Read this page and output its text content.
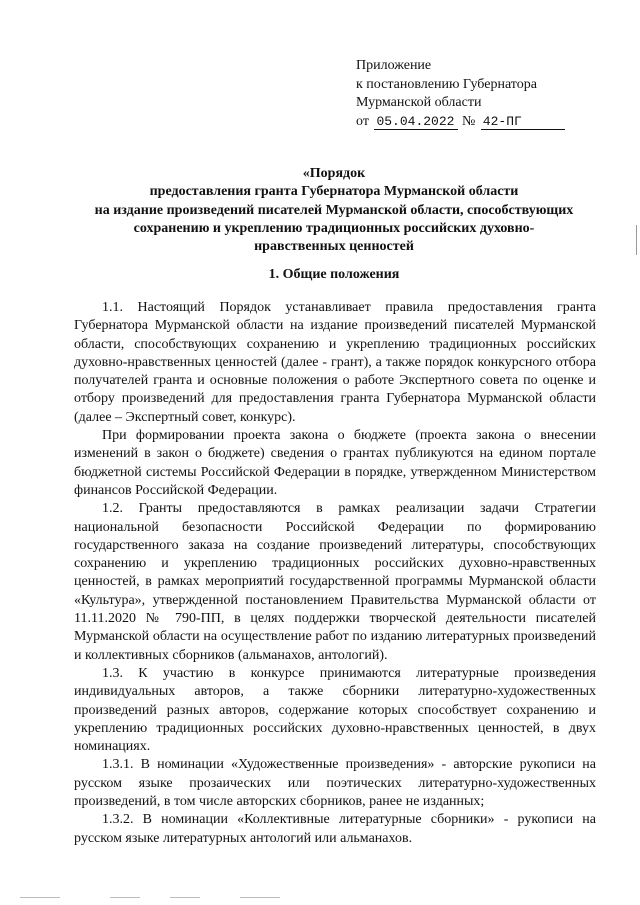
Приложение
к постановлению Губернатора
Мурманской области
от 05.04.2022 № 42-ПГ
«Порядок
предоставления гранта Губернатора Мурманской области
на издание произведений писателей Мурманской области, способствующих
сохранению и укреплению традиционных российских духовно-
нравственных ценностей
1. Общие положения

1.1. Настоящий Порядок устанавливает правила предоставления гранта Губернатора Мурманской области на издание произведений писателей Мурманской области, способствующих сохранению и укреплению традиционных российских духовно-нравственных ценностей (далее - грант), а также порядок конкурсного отбора получателей гранта и основные положения о работе Экспертного совета по оценке и отбору произведений для предоставления гранта Губернатора Мурманской области (далее – Экспертный совет, конкурс).

При формировании проекта закона о бюджете (проекта закона о внесении изменений в закон о бюджете) сведения о грантах публикуются на едином портале бюджетной системы Российской Федерации в порядке, утвержденном Министерством финансов Российской Федерации.

1.2. Гранты предоставляются в рамках реализации задачи Стратегии национальной безопасности Российской Федерации по формированию государственного заказа на создание произведений литературы, способствующих сохранению и укреплению традиционных российских духовно-нравственных ценностей, в рамках мероприятий государственной программы Мурманской области «Культура», утвержденной постановлением Правительства Мурманской области от 11.11.2020 № 790-ПП, в целях поддержки творческой деятельности писателей Мурманской области на осуществление работ по изданию литературных произведений и коллективных сборников (альманахов, антологий).

1.3. К участию в конкурсе принимаются литературные произведения индивидуальных авторов, а также сборники литературно-художественных произведений разных авторов, содержание которых способствует сохранению и укреплению традиционных российских духовно-нравственных ценностей, в двух номинациях.

1.3.1. В номинации «Художественные произведения» - авторские рукописи на русском языке прозаических или поэтических литературно-художественных произведений, в том числе авторских сборников, ранее не изданных;

1.3.2. В номинации «Коллективные литературные сборники» - рукописи на русском языке литературных антологий или альманахов.
